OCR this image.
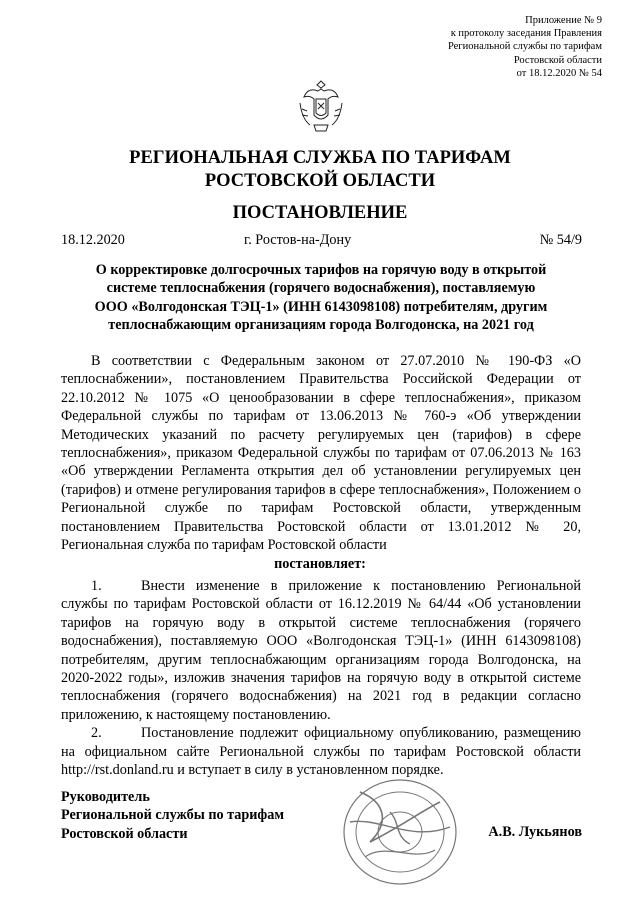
Приложение № 9
к протоколу заседания Правления
Региональной службы по тарифам
Ростовской области
от 18.12.2020 № 54
РЕГИОНАЛЬНАЯ СЛУЖБА ПО ТАРИФАМ
РОСТОВСКОЙ ОБЛАСТИ
ПОСТАНОВЛЕНИЕ
18.12.2020	г. Ростов-на-Дону	№ 54/9
О корректировке долгосрочных тарифов на горячую воду в открытой
системе теплоснабжения (горячего водоснабжения), поставляемую
ООО «Волгодонская ТЭЦ-1» (ИНН 6143098108) потребителям, другим
теплоснабжающим организациям города Волгодонска, на 2021 год
В соответствии с Федеральным законом от 27.07.2010 № 190-ФЗ «О теплоснабжении», постановлением Правительства Российской Федерации от 22.10.2012 № 1075 «О ценообразовании в сфере теплоснабжения», приказом Федеральной службы по тарифам от 13.06.2013 № 760-э «Об утверждении Методических указаний по расчету регулируемых цен (тарифов) в сфере теплоснабжения», приказом Федеральной службы по тарифам от 07.06.2013 № 163 «Об утверждении Регламента открытия дел об установлении регулируемых цен (тарифов) и отмене регулирования тарифов в сфере теплоснабжения», Положением о Региональной службе по тарифам Ростовской области, утвержденным постановлением Правительства Ростовской области от 13.01.2012 № 20, Региональная служба по тарифам Ростовской области
постановляет:

1.	Внести изменение в приложение к постановлению Региональной службы по тарифам Ростовской области от 16.12.2019 № 64/44 «Об установлении тарифов на горячую воду в открытой системе теплоснабжения (горячего водоснабжения), поставляемую ООО «Волгодонская ТЭЦ-1» (ИНН 6143098108) потребителям, другим теплоснабжающим организациям города Волгодонска, на 2020-2022 годы», изложив значения тарифов на горячую воду в открытой системе теплоснабжения (горячего водоснабжения) на 2021 год в редакции согласно приложению, к настоящему постановлению.

2.	Постановление подлежит официальному опубликованию, размещению на официальном сайте Региональной службы по тарифам Ростовской области http://rst.donland.ru и вступает в силу в установленном порядке.

Руководитель
Региональной службы по тарифам
Ростовской области	А.В. Лукьянов
